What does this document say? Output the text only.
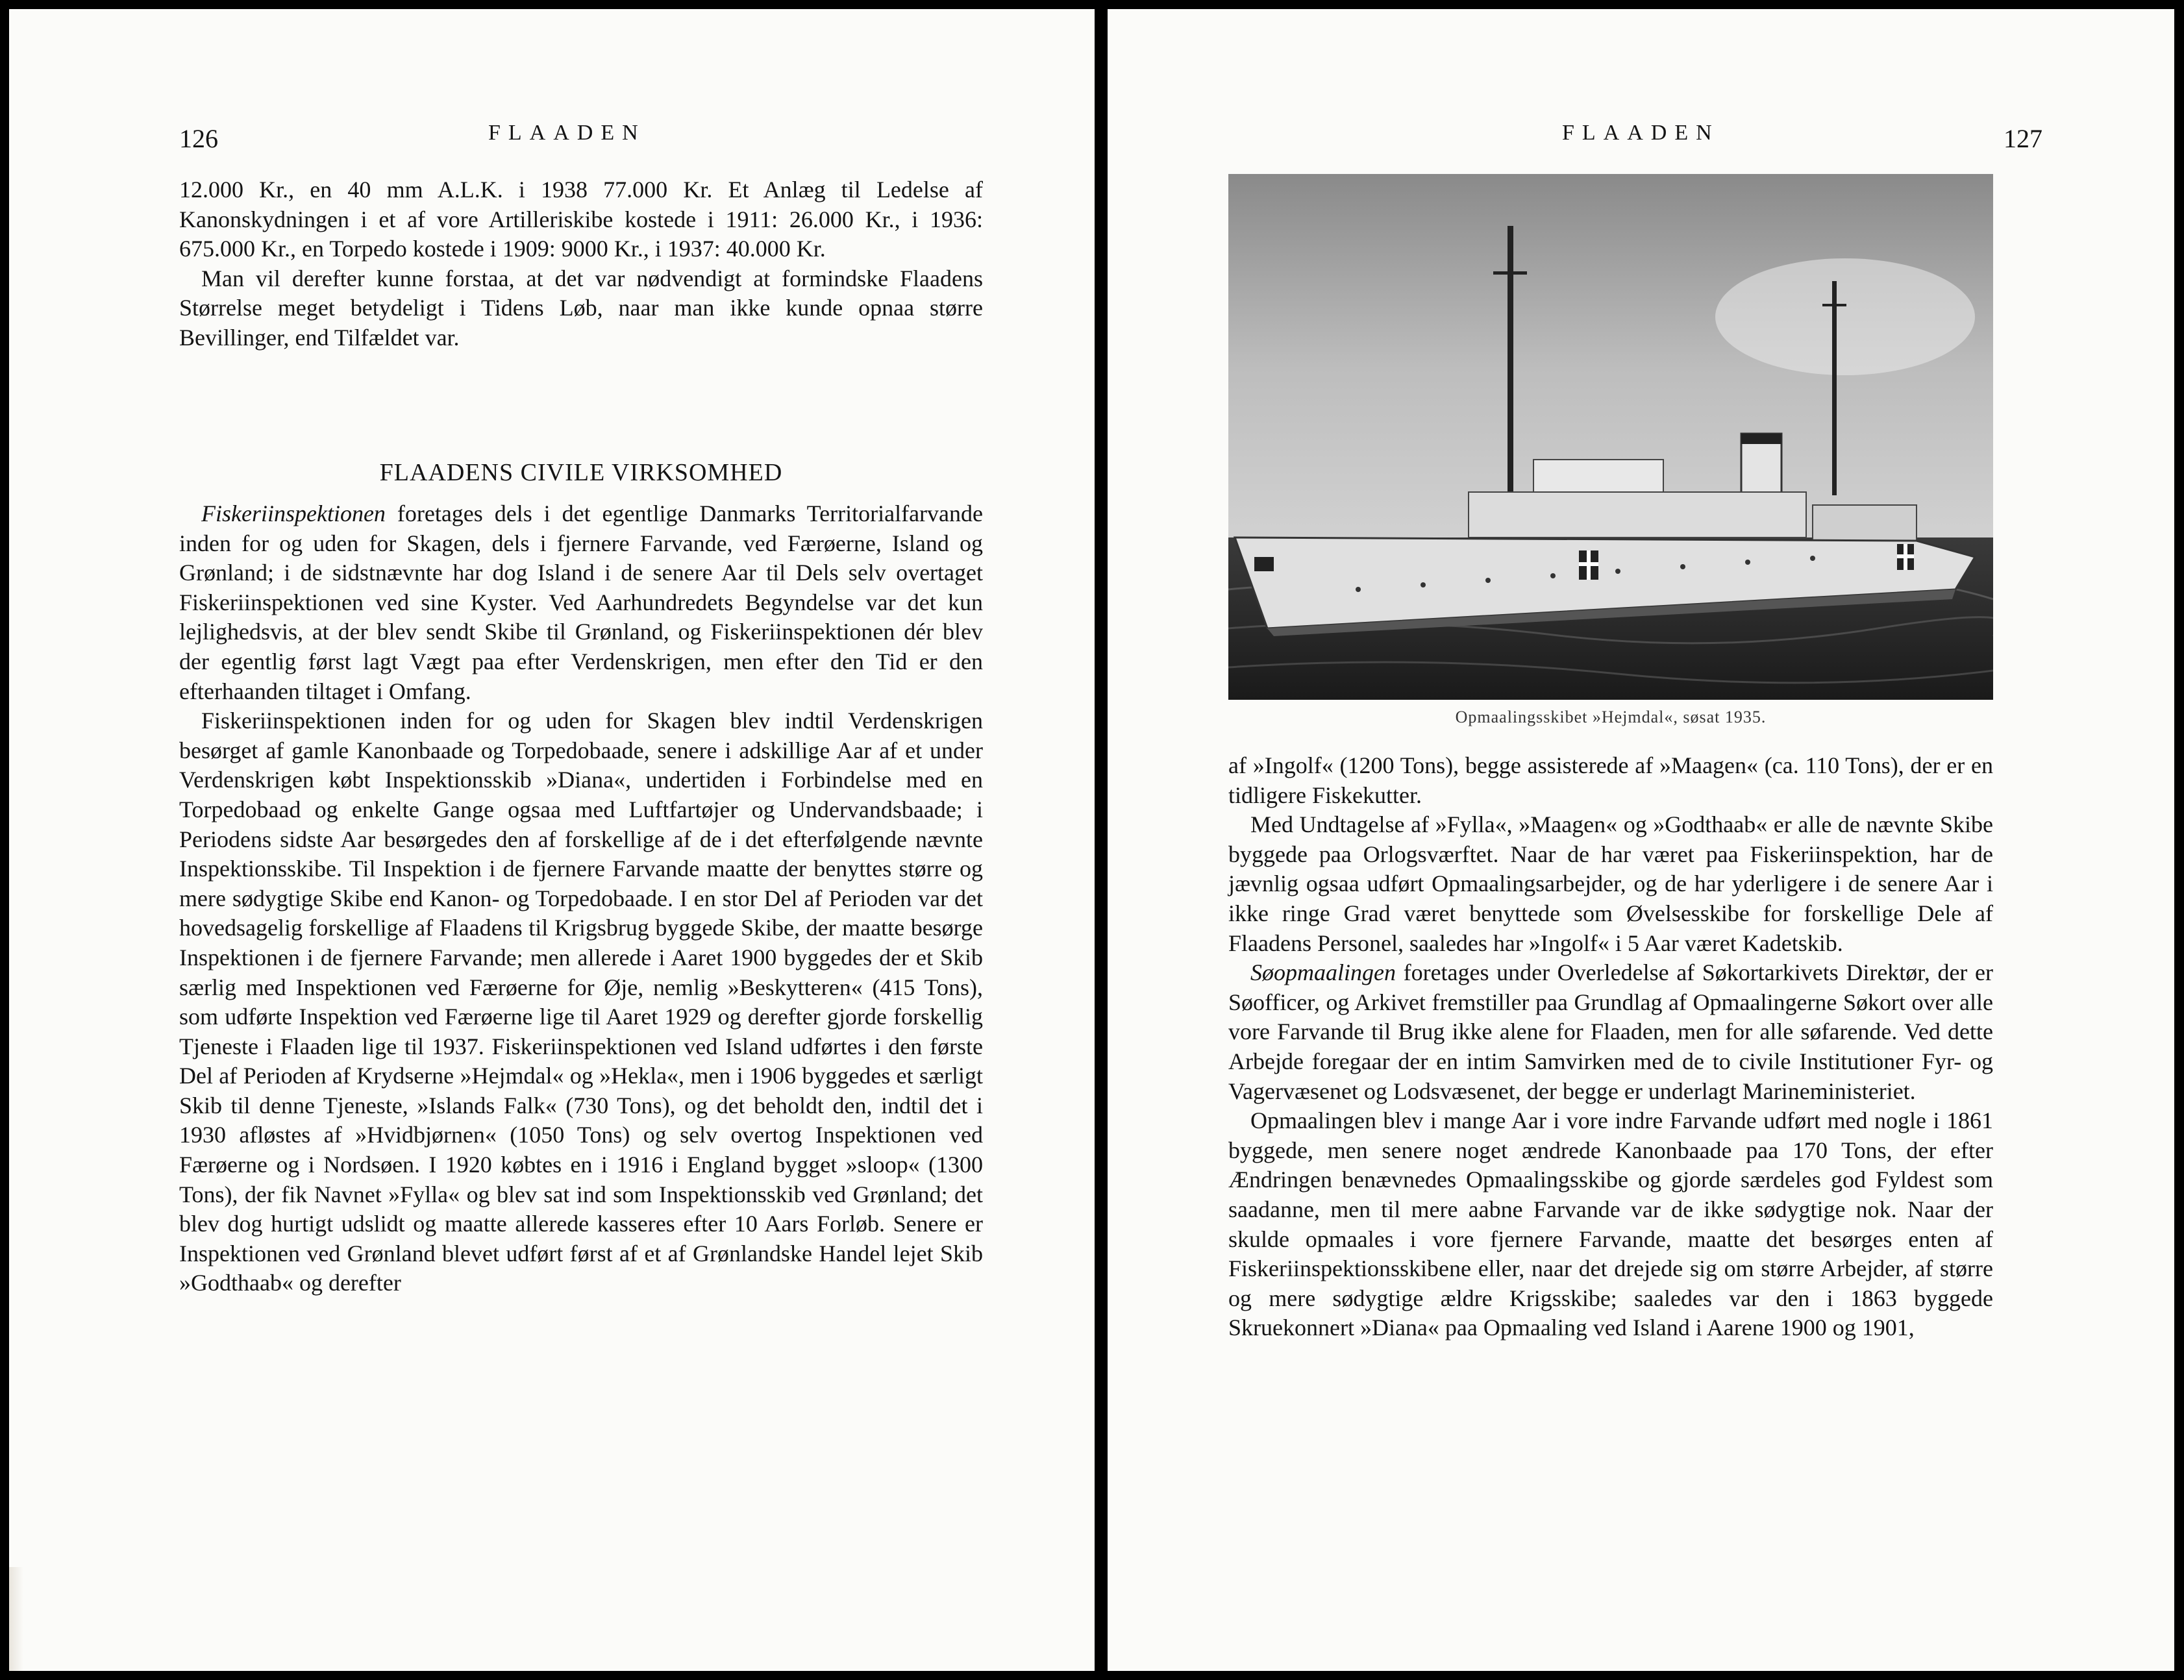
126	FLAADEN

12.000 Kr., en 40 mm A.L.K. i 1938 77.000 Kr. Et Anlæg til Ledelse af Kanonskydningen i et af vore Artilleriskibe kostede i 1911: 26.000 Kr., i 1936: 675.000 Kr., en Torpedo kostede i 1909: 9000 Kr., i 1937: 40.000 Kr.

Man vil derefter kunne forstaa, at det var nødvendigt at formindske Flaadens Størrelse meget betydeligt i Tidens Løb, naar man ikke kunde opnaa større Bevillinger, end Tilfældet var.

FLAADENS CIVILE VIRKSOMHED

Fiskeriinspektionen foretages dels i det egentlige Danmarks Territorialfarvande inden for og uden for Skagen, dels i fjernere Farvande, ved Færøerne, Island og Grønland; i de sidstnævnte har dog Island i de senere Aar til Dels selv overtaget Fiskeriinspektionen ved sine Kyster. Ved Aarhundredets Begyndelse var det kun lejlighedsvis, at der blev sendt Skibe til Grønland, og Fiskeriinspektionen dér blev der egentlig først lagt Vægt paa efter Verdenskrigen, men efter den Tid er den efterhaanden tiltaget i Omfang.

Fiskeriinspektionen inden for og uden for Skagen blev indtil Verdenskrigen besørget af gamle Kanonbaade og Torpedobaade, senere i adskillige Aar af et under Verdenskrigen købt Inspektionsskib »Diana«, undertiden i Forbindelse med en Torpedobaad og enkelte Gange ogsaa med Luftfartøjer og Undervandsbaade; i Periodens sidste Aar besørgedes den af forskellige af de i det efterfølgende nævnte Inspektionsskibe. Til Inspektion i de fjernere Farvande maatte der benyttes større og mere sødygtige Skibe end Kanon- og Torpedobaade. I en stor Del af Perioden var det hovedsagelig forskellige af Flaadens til Krigsbrug byggede Skibe, der maatte besørge Inspektionen i de fjernere Farvande; men allerede i Aaret 1900 byggedes der et Skib særlig med Inspektionen ved Færøerne for Øje, nemlig »Beskytteren« (415 Tons), som udførte Inspektion ved Færøerne lige til Aaret 1929 og derefter gjorde forskellig Tjeneste i Flaaden lige til 1937. Fiskeriinspektionen ved Island udførtes i den første Del af Perioden af Krydserne »Hejmdal« og »Hekla«, men i 1906 byggedes et særligt Skib til denne Tjeneste, »Islands Falk« (730 Tons), og det beholdt den, indtil det i 1930 afløstes af »Hvidbjørnen« (1050 Tons) og selv overtog Inspektionen ved Færøerne og i Nordsøen. I 1920 købtes en i 1916 i England bygget »sloop« (1300 Tons), der fik Navnet »Fylla« og blev sat ind som Inspektionsskib ved Grønland; det blev dog hurtigt udslidt og maatte allerede kasseres efter 10 Aars Forløb. Senere er Inspektionen ved Grønland blevet udført først af et af Grønlandske Handel lejet Skib »Godthaab« og derefter

FLAADEN	127
Opmaalingsskibet »Hejmdal«, søsat 1935.

af »Ingolf« (1200 Tons), begge assisterede af »Maagen« (ca. 110 Tons), der er en tidligere Fiskekutter.

Med Undtagelse af »Fylla«, »Maagen« og »Godthaab« er alle de nævnte Skibe byggede paa Orlogsværftet. Naar de har været paa Fiskeriinspektion, har de jævnlig ogsaa udført Opmaalingsarbejder, og de har yderligere i de senere Aar i ikke ringe Grad været benyttede som Øvelsesskibe for forskellige Dele af Flaadens Personel, saaledes har »Ingolf« i 5 Aar været Kadetskib.

Søopmaalingen foretages under Overledelse af Søkortarkivets Direktør, der er Søofficer, og Arkivet fremstiller paa Grundlag af Opmaalingerne Søkort over alle vore Farvande til Brug ikke alene for Flaaden, men for alle søfarende. Ved dette Arbejde foregaar der en intim Samvirken med de to civile Institutioner Fyr- og Vagervæsenet og Lodsvæsenet, der begge er underlagt Marineministeriet.

Opmaalingen blev i mange Aar i vore indre Farvande udført med nogle i 1861 byggede, men senere noget ændrede Kanonbaade paa 170 Tons, der efter Ændringen benævnedes Opmaalingsskibe og gjorde særdeles god Fyldest som saadanne, men til mere aabne Farvande var de ikke sødygtige nok. Naar der skulde opmaales i vore fjernere Farvande, maatte det besørges enten af Fiskeriinspektionsskibene eller, naar det drejede sig om større Arbejder, af større og mere sødygtige ældre Krigsskibe; saaledes var den i 1863 byggede Skruekonnert »Diana« paa Opmaaling ved Island i Aarene 1900 og 1901,
